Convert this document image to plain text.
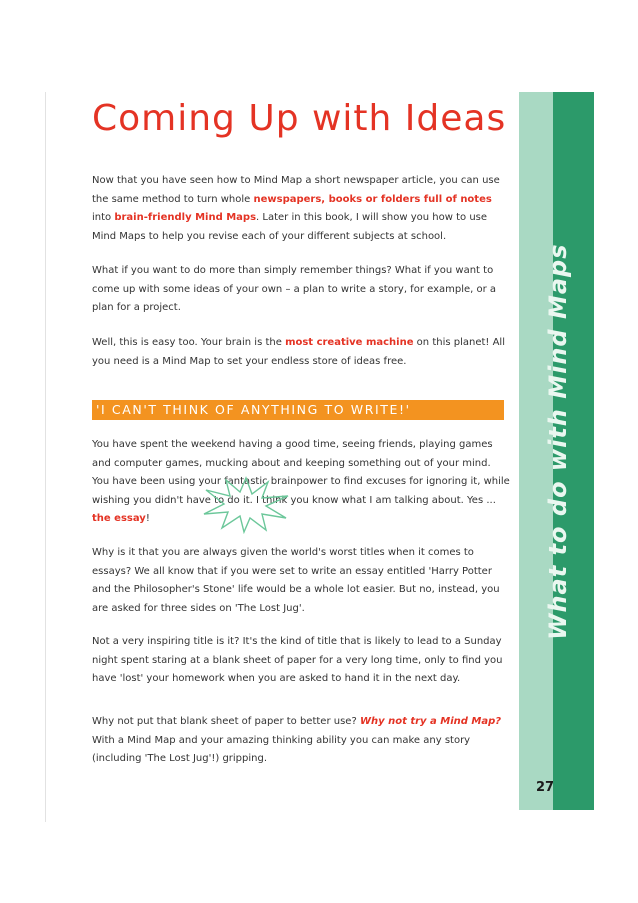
What to do with Mind Maps
27
Coming Up with Ideas

Now that you have seen how to Mind Map a short newspaper article, you can use the same method to turn whole newspapers, books or folders full of notes into brain-friendly Mind Maps. Later in this book, I will show you how to use Mind Maps to help you revise each of your different subjects at school.

What if you want to do more than simply remember things? What if you want to come up with some ideas of your own – a plan to write a story, for example, or a plan for a project.

Well, this is easy too. Your brain is the most creative machine on this planet! All you need is a Mind Map to set your endless store of ideas free.

'I CAN'T THINK OF ANYTHING TO WRITE!'

You have spent the weekend having a good time, seeing friends, playing games and computer games, mucking about and keeping something out of your mind. You have been using your fantastic brainpower to find excuses for ignoring it, while wishing you didn't have to do it. I think you know what I am talking about. Yes ... the essay!

Why is it that you are always given the world's worst titles when it comes to essays? We all know that if you were set to write an essay entitled 'Harry Potter and the Philosopher's Stone' life would be a whole lot easier. But no, instead, you are asked for three sides on 'The Lost Jug'.

Not a very inspiring title is it? It's the kind of title that is likely to lead to a Sunday night spent staring at a blank sheet of paper for a very long time, only to find you have 'lost' your homework when you are asked to hand it in the next day.

Why not put that blank sheet of paper to better use? Why not try a Mind Map? With a Mind Map and your amazing thinking ability you can make any story (including 'The Lost Jug'!) gripping.
